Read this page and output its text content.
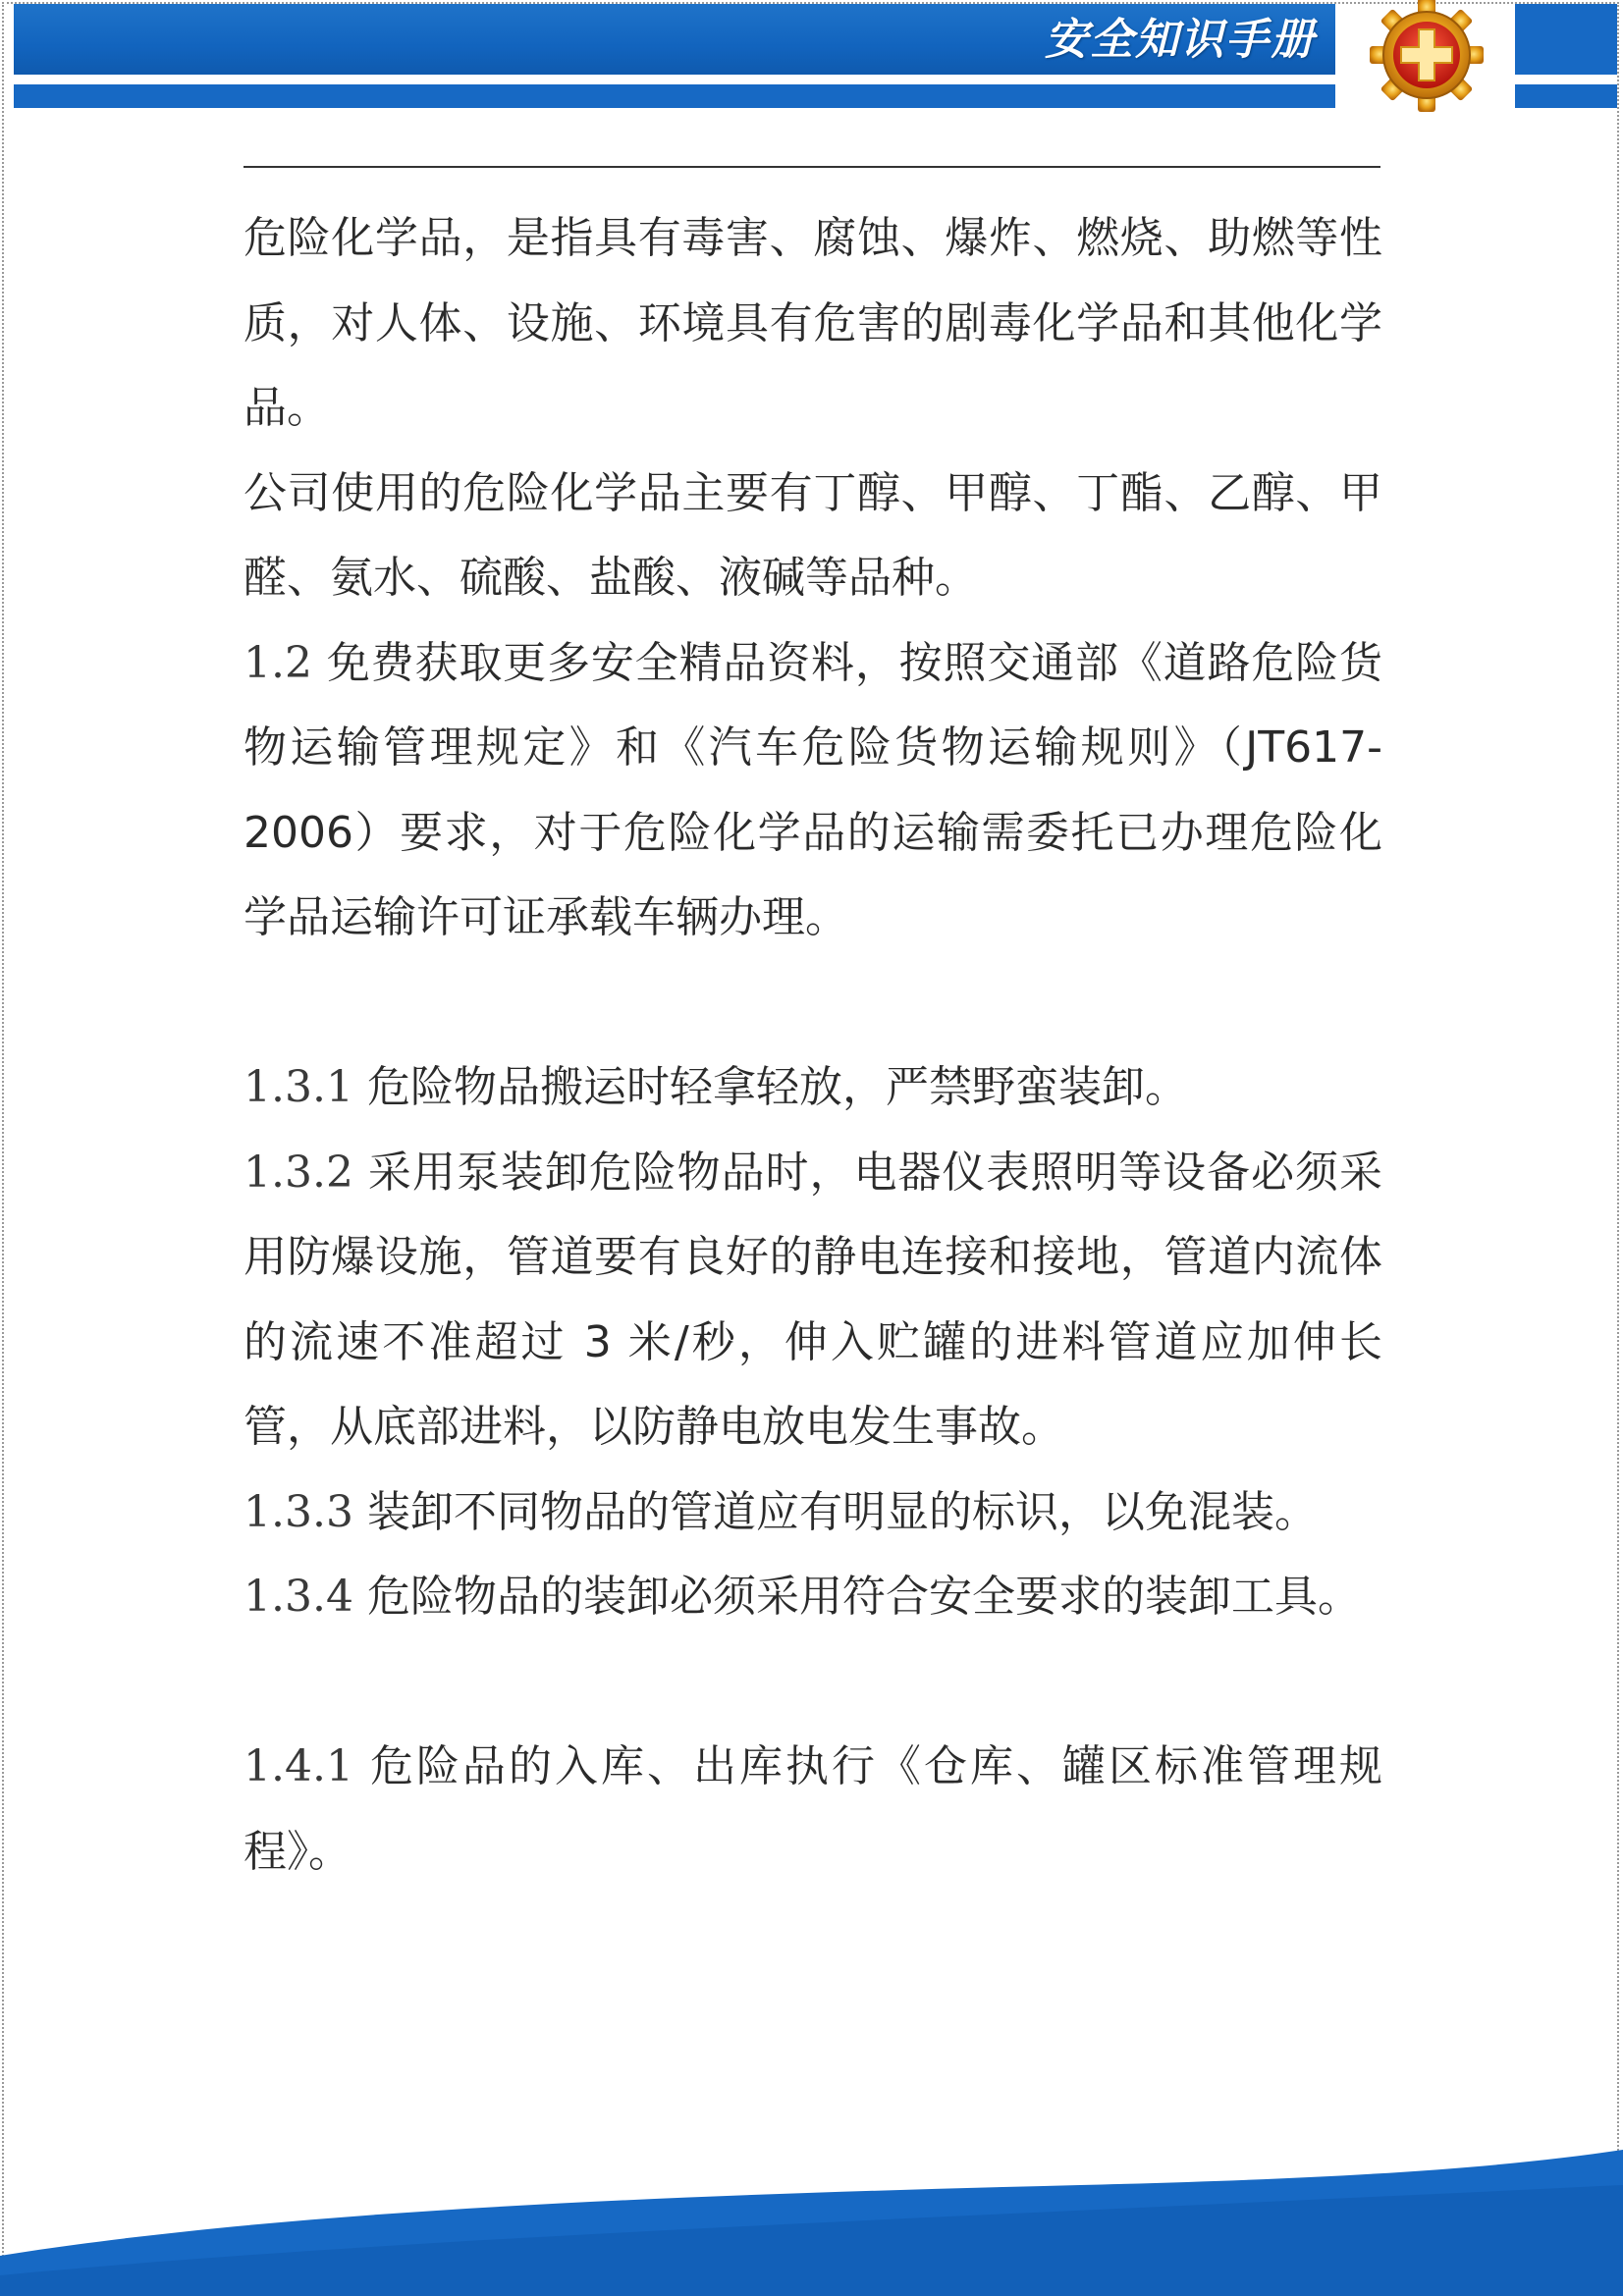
安全知识手册

危险化学品，是指具有毒害、腐蚀、爆炸、燃烧、助燃等性质，对人体、设施、环境具有危害的剧毒化学品和其他化学品。

公司使用的危险化学品主要有丁醇、甲醇、丁酯、乙醇、甲醛、氨水、硫酸、盐酸、液碱等品种。

1.2 免费获取更多安全精品资料，按照交通部《道路危险货物运输管理规定》和《汽车危险货物运输规则》（JT617-2006）要求，对于危险化学品的运输需委托已办理危险化学品运输许可证承载车辆办理。

1.3.1 危险物品搬运时轻拿轻放，严禁野蛮装卸。

1.3.2 采用泵装卸危险物品时，电器仪表照明等设备必须采用防爆设施，管道要有良好的静电连接和接地，管道内流体的流速不准超过 3 米/秒，伸入贮罐的进料管道应加伸长管，从底部进料，以防静电放电发生事故。

1.3.3 装卸不同物品的管道应有明显的标识，以免混装。

1.3.4 危险物品的装卸必须采用符合安全要求的装卸工具。

1.4.1 危险品的入库、出库执行《仓库、罐区标准管理规程》。
